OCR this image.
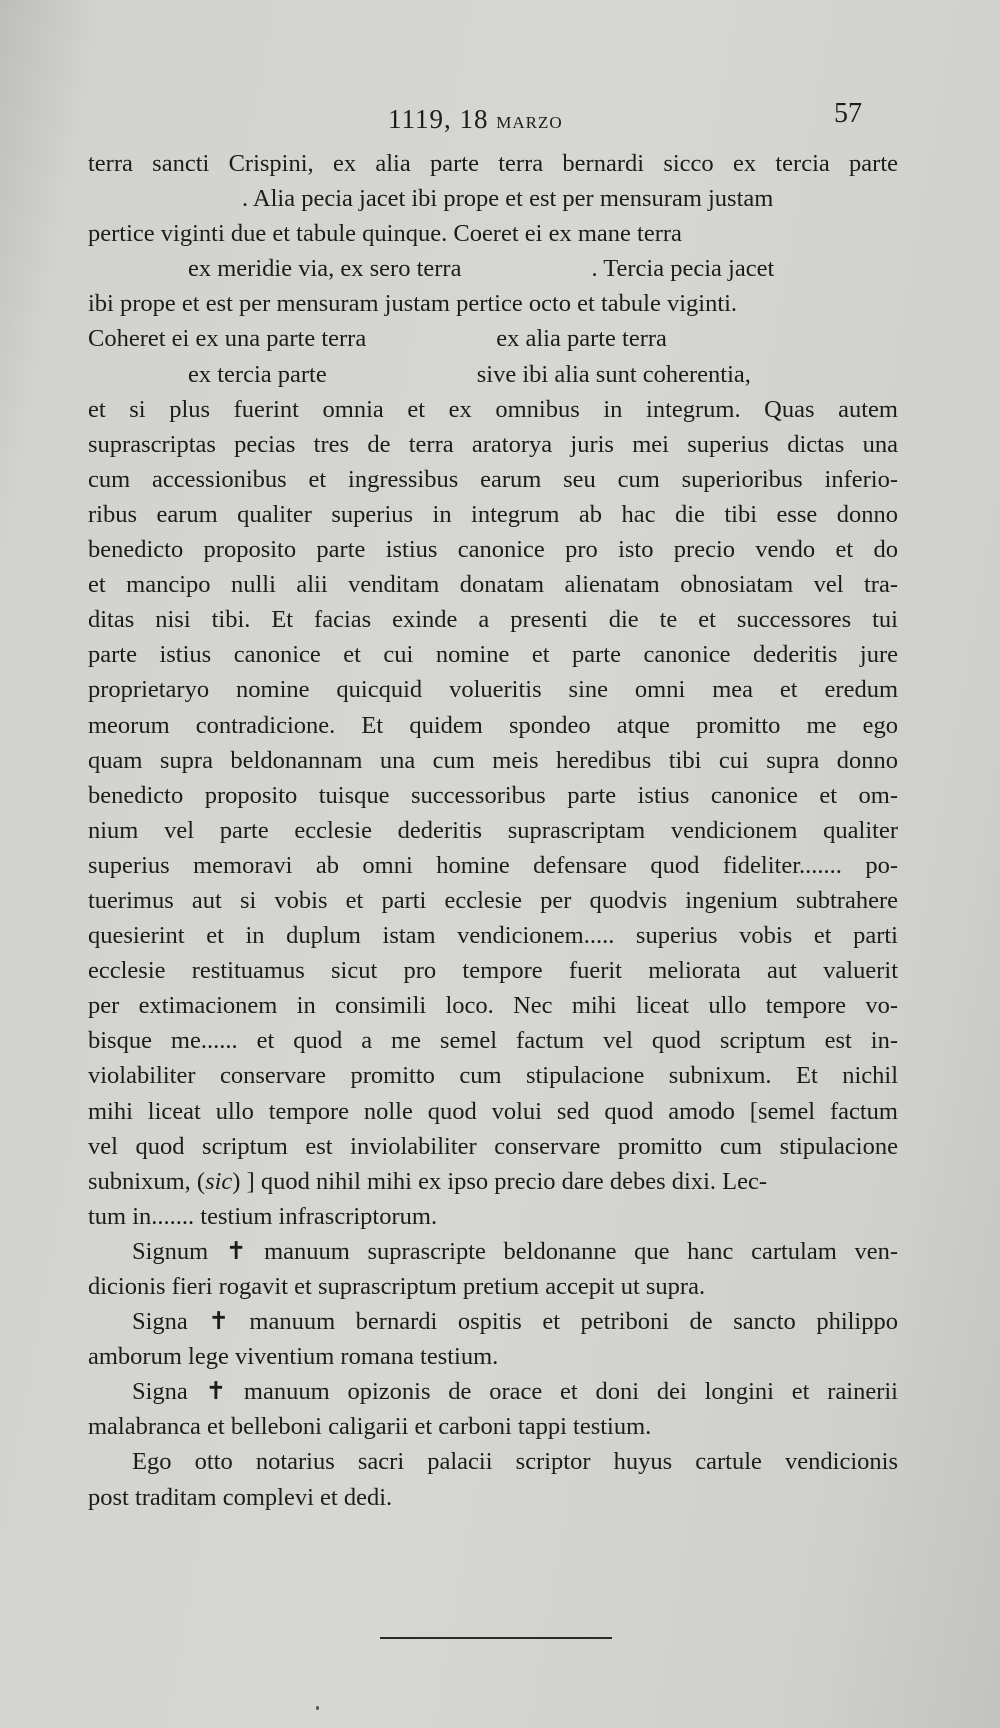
1119, 18 MARZO	57
terra sancti Crispini, ex alia parte terra bernardi sicco ex tercia parte
. Alia pecia jacet ibi prope et est per mensuram justam
pertice viginti due et tabule quinque. Coeret ei ex mane terra
ex meridie via, ex sero terra	. Tercia pecia jacet
ibi prope et est per mensuram justam pertice octo et tabule viginti.
Coheret ei ex una parte terra	ex alia parte terra
ex tercia parte	sive ibi alia sunt coherentia,
et si plus fuerint omnia et ex omnibus in integrum. Quas autem
suprascriptas pecias tres de terra aratorya juris mei superius dictas una
cum accessionibus et ingressibus earum seu cum superioribus inferio-
ribus earum qualiter superius in integrum ab hac die tibi esse donno
benedicto proposito parte istius canonice pro isto precio vendo et do
et mancipo nulli alii venditam donatam alienatam obnosiatam vel tra-
ditas nisi tibi. Et facias exinde a presenti die te et successores tui
parte istius canonice et cui nomine et parte canonice dederitis jure
proprietaryo nomine quicquid volueritis sine omni mea et eredum
meorum contradicione. Et quidem spondeo atque promitto me ego
quam supra beldonannam una cum meis heredibus tibi cui supra donno
benedicto proposito tuisque successoribus parte istius canonice et om-
nium vel parte ecclesie dederitis suprascriptam vendicionem qualiter
superius memoravi ab omni homine defensare quod fideliter....... po-
tuerimus aut si vobis et parti ecclesie per quodvis ingenium subtrahere
quesierint et in duplum istam vendicionem..... superius vobis et parti
ecclesie restituamus sicut pro tempore fuerit meliorata aut valuerit
per extimacionem in consimili loco. Nec mihi liceat ullo tempore vo-
bisque me...... et quod a me semel factum vel quod scriptum est in-
violabiliter conservare promitto cum stipulacione subnixum. Et nichil
mihi liceat ullo tempore nolle quod volui sed quod amodo [semel factum
vel quod scriptum est inviolabiliter conservare promitto cum stipulacione
subnixum, (sic) ] quod nihil mihi ex ipso precio dare debes dixi. Lec-
tum in....... testium infrascriptorum.
Signum ✝ manuum suprascripte beldonanne que hanc cartulam ven-
dicionis fieri rogavit et suprascriptum pretium accepit ut supra.
Signa ✝ manuum bernardi ospitis et petriboni de sancto philippo
amborum lege viventium romana testium.
Signa ✝ manuum opizonis de orace et doni dei longini et rainerii
malabranca et belleboni caligarii et carboni tappi testium.
Ego otto notarius sacri palacii scriptor huyus cartule vendicionis
post traditam complevi et dedi.
